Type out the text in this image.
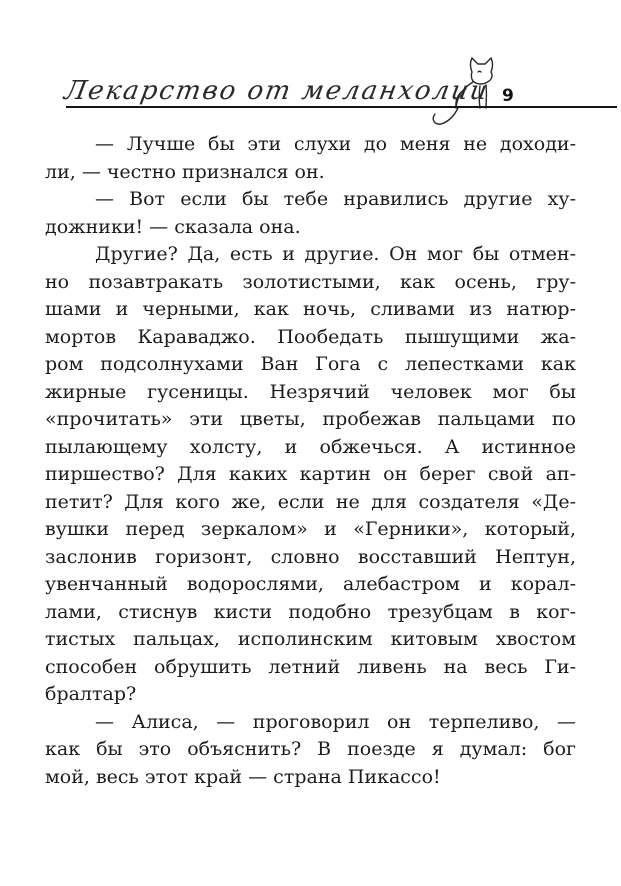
Лекарство от меланхолии 9
— Лучше бы эти слухи до меня не доходи-
ли, — честно признался он.
— Вот если бы тебе нравились другие ху-
дожники! — сказала она.
Другие? Да, есть и другие. Он мог бы отмен-
но позавтракать золотистыми, как осень, гру-
шами и черными, как ночь, сливами из натюр-
мортов Караваджо. Пообедать пышущими жа-
ром подсолнухами Ван Гога с лепестками как
жирные гусеницы. Незрячий человек мог бы
«прочитать» эти цветы, пробежав пальцами по
пылающему холсту, и обжечься. А истинное
пиршество? Для каких картин он берег свой ап-
петит? Для кого же, если не для создателя «Де-
вушки перед зеркалом» и «Герники», который,
заслонив горизонт, словно восставший Нептун,
увенчанный водорослями, алебастром и корал-
лами, стиснув кисти подобно трезубцам в ког-
тистых пальцах, исполинским китовым хвостом
способен обрушить летний ливень на весь Ги-
бралтар?
— Алиса, — проговорил он терпеливо, —
как бы это объяснить? В поезде я думал: бог
мой, весь этот край — страна Пикассо!
